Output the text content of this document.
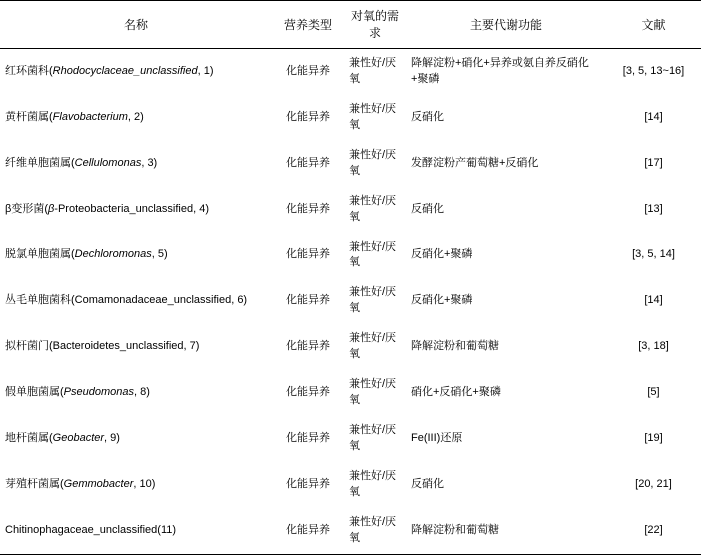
名称	营养类型	对氧的需求	主要代谢功能	文献
红环菌科(Rhodocyclaceae_unclassified, 1)	化能异养	兼性好/厌氧	降解淀粉+硝化+异养或氨自养反硝化+聚磷	[3, 5, 13~16]
黄杆菌属(Flavobacterium, 2)	化能异养	兼性好/厌氧	反硝化	[14]
纤维单胞菌属(Cellulomonas, 3)	化能异养	兼性好/厌氧	发酵淀粉产葡萄糖+反硝化	[17]
β变形菌(β-Proteobacteria_unclassified, 4)	化能异养	兼性好/厌氧	反硝化	[13]
脱氯单胞菌属(Dechloromonas, 5)	化能异养	兼性好/厌氧	反硝化+聚磷	[3, 5, 14]
丛毛单胞菌科(Comamonadaceae_unclassified, 6)	化能异养	兼性好/厌氧	反硝化+聚磷	[14]
拟杆菌门(Bacteroidetes_unclassified, 7)	化能异养	兼性好/厌氧	降解淀粉和葡萄糖	[3, 18]
假单胞菌属(Pseudomonas, 8)	化能异养	兼性好/厌氧	硝化+反硝化+聚磷	[5]
地杆菌属(Geobacter, 9)	化能异养	兼性好/厌氧	Fe(III)还原	[19]
芽殖杆菌属(Gemmobacter, 10)	化能异养	兼性好/厌氧	反硝化	[20, 21]
Chitinophagaceae_unclassified(11)	化能异养	兼性好/厌氧	降解淀粉和葡萄糖	[22]
